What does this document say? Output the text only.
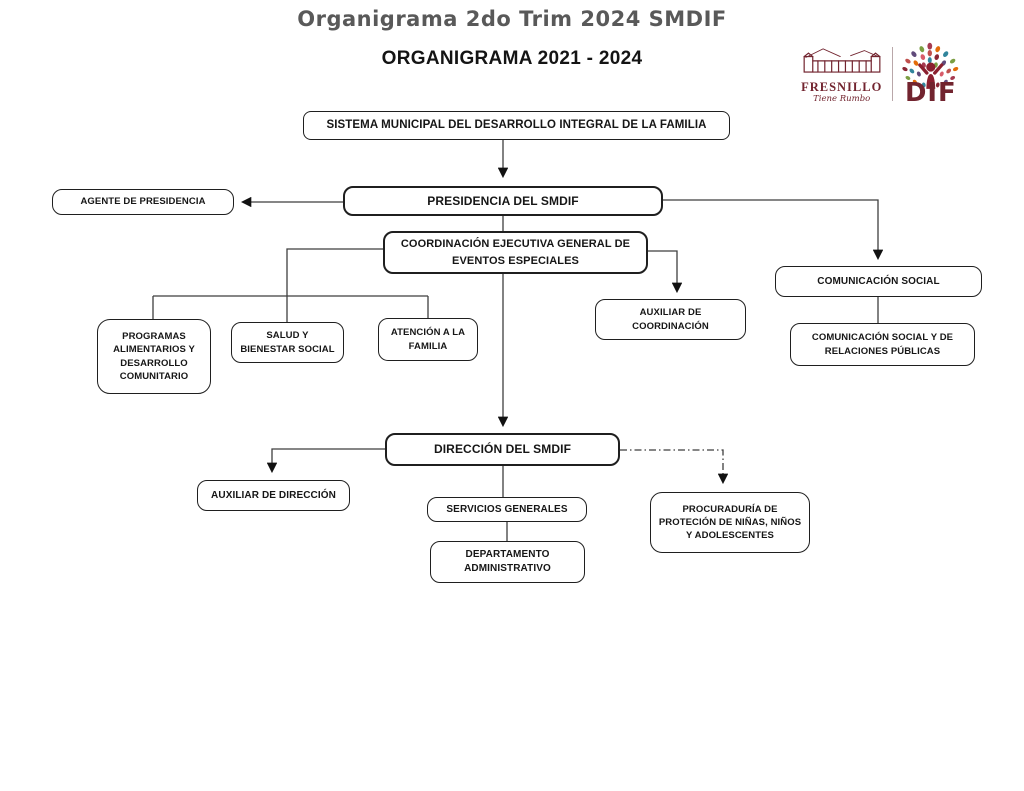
Organigrama 2do Trim 2024 SMDIF
ORGANIGRAMA 2021 - 2024
FRESNILLO
Tiene Rumbo	DIF
SISTEMA MUNICIPAL DEL DESARROLLO INTEGRAL DE LA FAMILIA
PRESIDENCIA DEL SMDIF
AGENTE DE PRESIDENCIA
COORDINACIÓN EJECUTIVA GENERAL DE EVENTOS ESPECIALES
COMUNICACIÓN SOCIAL
AUXILIAR DE COORDINACIÓN
COMUNICACIÓN SOCIAL Y DE RELACIONES PÚBLICAS
PROGRAMAS ALIMENTARIOS Y DESARROLLO COMUNITARIO
SALUD Y BIENESTAR SOCIAL
ATENCIÓN A LA FAMILIA
DIRECCIÓN DEL SMDIF
AUXILIAR DE DIRECCIÓN
SERVICIOS GENERALES	PROCURADURÍA DE PROTECIÓN DE NIÑAS, NIÑOS Y ADOLESCENTES
DEPARTAMENTO ADMINISTRATIVO
